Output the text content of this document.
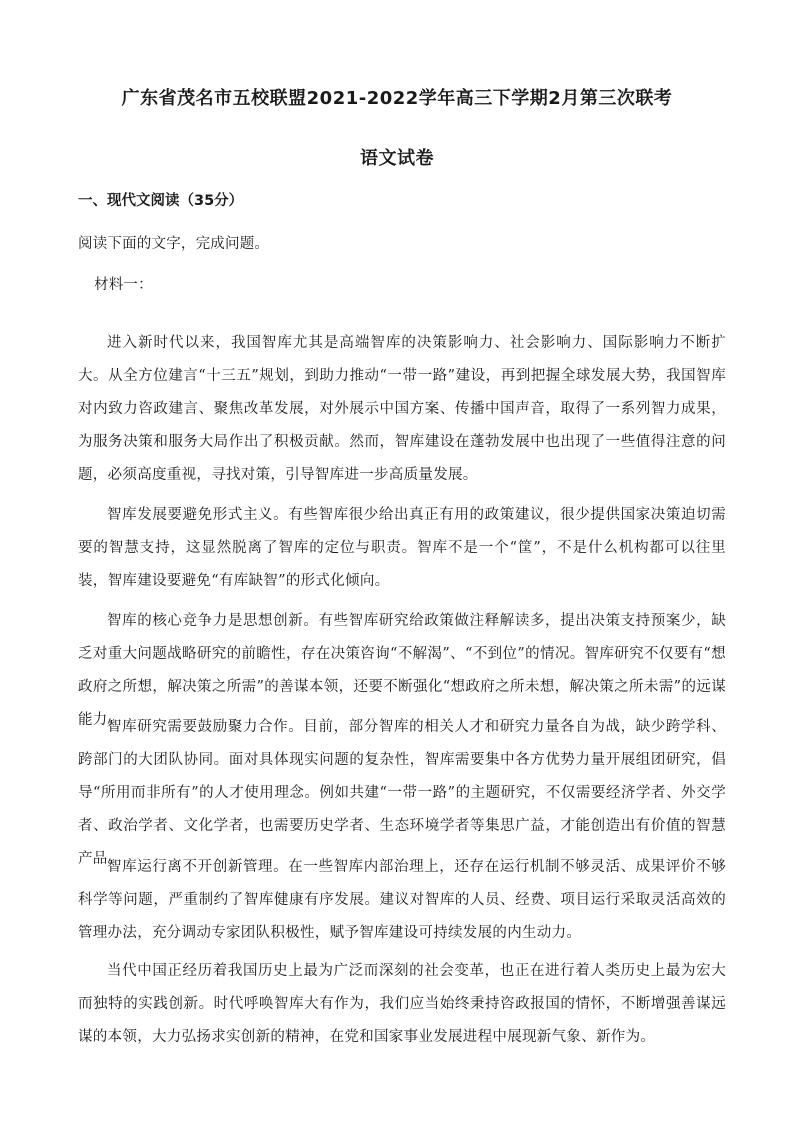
广东省茂名市五校联盟2021-2022学年高三下学期2月第三次联考
语文试卷
一、现代文阅读（35分）
阅读下面的文字，完成问题。
材料一：

进入新时代以来，我国智库尤其是高端智库的决策影响力、社会影响力、国际影响力不断扩大。从全方位建言“十三五”规划，到助力推动“一带一路”建设，再到把握全球发展大势，我国智库对内致力咨政建言、聚焦改革发展，对外展示中国方案、传播中国声音，取得了一系列智力成果，为服务决策和服务大局作出了积极贡献。然而，智库建设在蓬勃发展中也出现了一些值得注意的问题，必须高度重视，寻找对策，引导智库进一步高质量发展。

智库发展要避免形式主义。有些智库很少给出真正有用的政策建议，很少提供国家决策迫切需要的智慧支持，这显然脱离了智库的定位与职责。智库不是一个“筐”，不是什么机构都可以往里装，智库建设要避免“有库缺智”的形式化倾向。

智库的核心竞争力是思想创新。有些智库研究给政策做注释解读多，提出决策支持预案少，缺乏对重大问题战略研究的前瞻性，存在决策咨询“不解渴”、“不到位”的情况。智库研究不仅要有“想政府之所想，解决策之所需”的善谋本领，还要不断强化“想政府之所未想，解决策之所未需”的远谋能力。

智库研究需要鼓励聚力合作。目前，部分智库的相关人才和研究力量各自为战，缺少跨学科、跨部门的大团队协同。面对具体现实问题的复杂性，智库需要集中各方优势力量开展组团研究，倡导“所用而非所有”的人才使用理念。例如共建“一带一路”的主题研究，不仅需要经济学者、外交学者、政治学者、文化学者，也需要历史学者、生态环境学者等集思广益，才能创造出有价值的智慧产品。

智库运行离不开创新管理。在一些智库内部治理上，还存在运行机制不够灵活、成果评价不够科学等问题，严重制约了智库健康有序发展。建议对智库的人员、经费、项目运行采取灵活高效的管理办法，充分调动专家团队积极性，赋予智库建设可持续发展的内生动力。

当代中国正经历着我国历史上最为广泛而深刻的社会变革，也正在进行着人类历史上最为宏大而独特的实践创新。时代呼唤智库大有作为，我们应当始终秉持咨政报国的情怀，不断增强善谋远谋的本领，大力弘扬求实创新的精神，在党和国家事业发展进程中展现新气象、新作为。
